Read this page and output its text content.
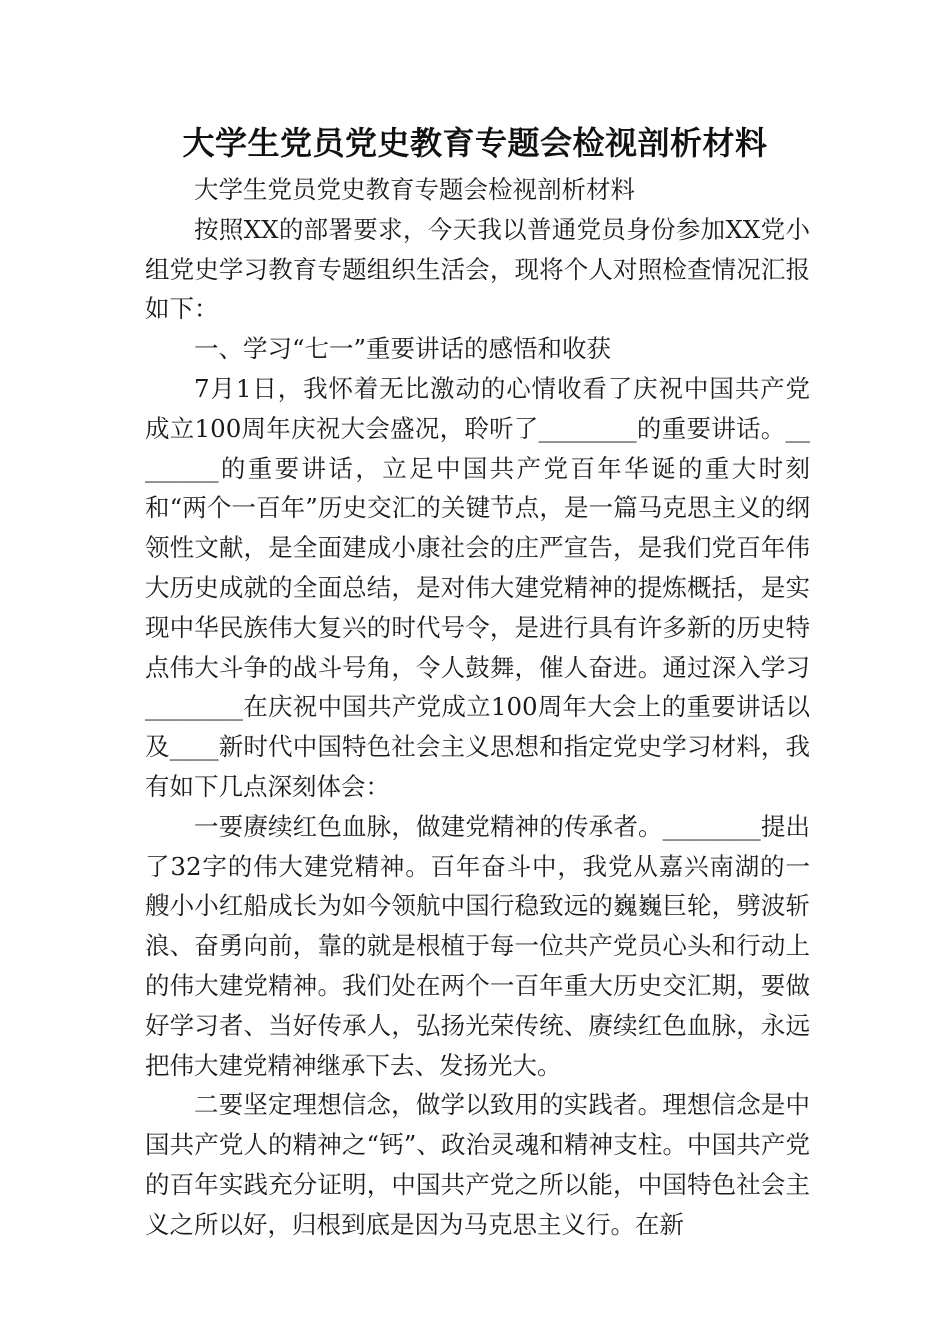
大学生党员党史教育专题会检视剖析材料

大学生党员党史教育专题会检视剖析材料

按照XX的部署要求，今天我以普通党员身份参加XX党小组党史学习教育专题组织生活会，现将个人对照检查情况汇报如下：

一、学习“七一”重要讲话的感悟和收获

7月1日，我怀着无比激动的心情收看了庆祝中国共产党成立100周年庆祝大会盛况，聆听了________的重要讲话。________的重要讲话，立足中国共产党百年华诞的重大时刻和“两个一百年”历史交汇的关键节点，是一篇马克思主义的纲领性文献，是全面建成小康社会的庄严宣告，是我们党百年伟大历史成就的全面总结，是对伟大建党精神的提炼概括，是实现中华民族伟大复兴的时代号令，是进行具有许多新的历史特点伟大斗争的战斗号角，令人鼓舞，催人奋进。通过深入学习________在庆祝中国共产党成立100周年大会上的重要讲话以及____新时代中国特色社会主义思想和指定党史学习材料，我有如下几点深刻体会：

一要赓续红色血脉，做建党精神的传承者。________提出了32字的伟大建党精神。百年奋斗中，我党从嘉兴南湖的一艘小小红船成长为如今领航中国行稳致远的巍巍巨轮，劈波斩浪、奋勇向前，靠的就是根植于每一位共产党员心头和行动上的伟大建党精神。我们处在两个一百年重大历史交汇期，要做好学习者、当好传承人，弘扬光荣传统、赓续红色血脉，永远把伟大建党精神继承下去、发扬光大。

二要坚定理想信念，做学以致用的实践者。理想信念是中国共产党人的精神之“钙”、政治灵魂和精神支柱。中国共产党的百年实践充分证明，中国共产党之所以能，中国特色社会主义之所以好，归根到底是因为马克思主义行。在新
